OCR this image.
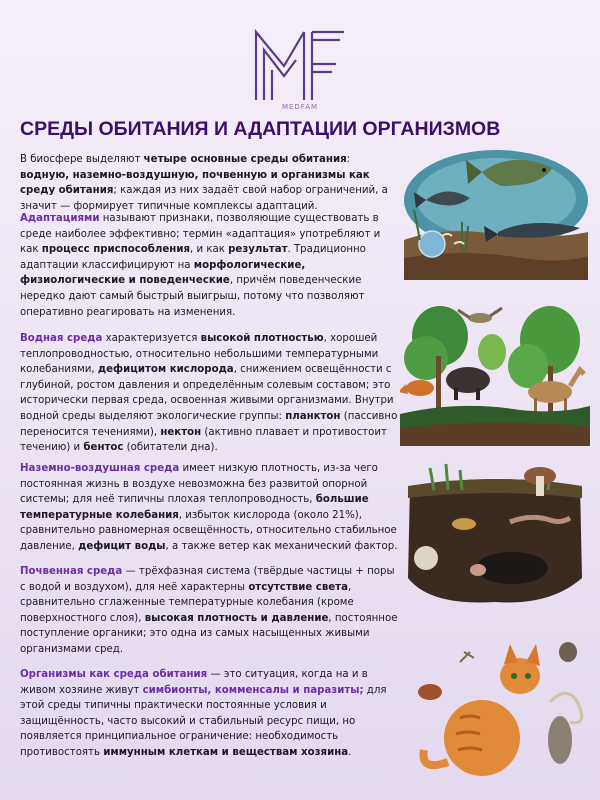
MEDFAM
СРЕДЫ ОБИТАНИЯ И АДАПТАЦИИ ОРГАНИЗМОВ
В биосфере выделяют четыре основные среды обитания: водную, наземно-воздушную, почвенную и организмы как среду обитания; каждая из них задаёт свой набор ограничений, а значит — формирует типичные комплексы адаптаций.
Адаптациями называют признаки, позволяющие существовать в среде наиболее эффективно; термин «адаптация» употребляют и как процесс приспособления, и как результат. Традиционно адаптации классифицируют на морфологические, физиологические и поведенческие, причём поведенческие нередко дают самый быстрый выигрыш, потому что позволяют оперативно реагировать на изменения.
Водная среда характеризуется высокой плотностью, хорошей теплопроводностью, относительно небольшими температурными колебаниями, дефицитом кислорода, снижением освещённости с глубиной, ростом давления и определённым солевым составом; это исторически первая среда, освоенная живыми организмами. Внутри водной среды выделяют экологические группы: планктон (пассивно переносится течениями), нектон (активно плавает и противостоит течению) и бентос (обитатели дна).
Наземно-воздушная среда имеет низкую плотность, из-за чего постоянная жизнь в воздухе невозможна без развитой опорной системы; для неё типичны плохая теплопроводность, большие температурные колебания, избыток кислорода (около 21%), сравнительно равномерная освещённость, относительно стабильное давление, дефицит воды, а также ветер как механический фактор.
Почвенная среда — трёхфазная система (твёрдые частицы + поры с водой и воздухом), для неё характерны отсутствие света, сравнительно сглаженные температурные колебания (кроме поверхностного слоя), высокая плотность и давление, постоянное поступление органики; это одна из самых насыщенных живыми организмами сред.
Организмы как среда обитания — это ситуация, когда на и в живом хозяине живут симбионты, комменсалы и паразиты; для этой среды типичны практически постоянные условия и защищённость, часто высокий и стабильный ресурс пищи, но появляется принципиальное ограничение: необходимость противостоять иммунным клеткам и веществам хозяина.
